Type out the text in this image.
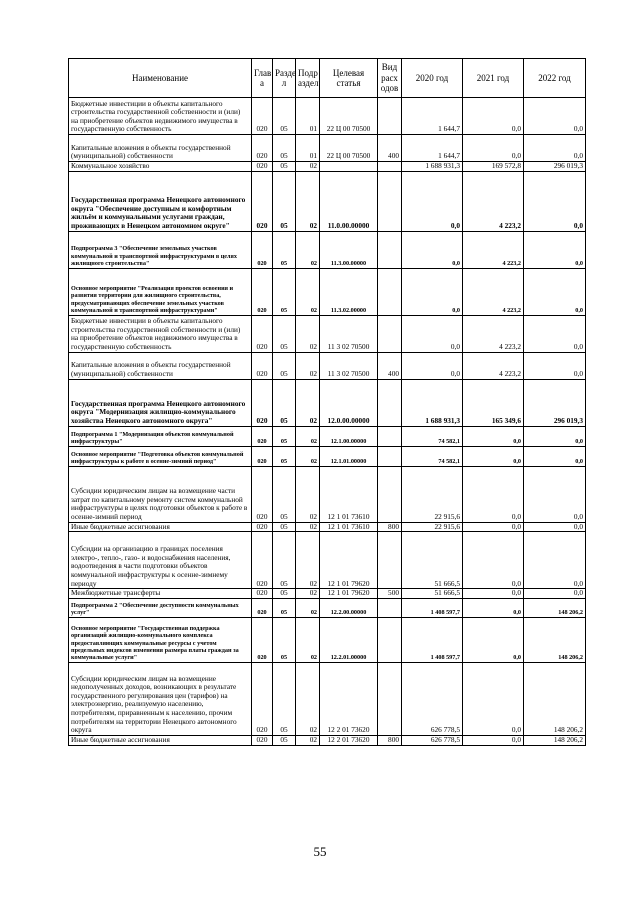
Наименование	Глав а	Разде л	Подр аздел	Целевая статья	Вид расх одов	2020 год	2021 год	2022 год
Бюджетные инвестиции в объекты капитального строительства государственной собственности и (или) на приобретение объектов недвижимого имущества в государственную собственность	020	05	01	22 Ц 00 70500		1 644,7	0,0	0,0
Капитальные вложения в объекты государственной (муниципальной) собственности	020	05	01	22 Ц 00 70500	400	1 644,7	0,0	0,0
Коммунальное хозяйство	020	05	02			1 688 931,3	169 572,8	296 019,3
Государственная программа Ненецкого автономного округа "Обеспечение доступным и комфортным жильём и коммунальными услугами граждан, проживающих в Ненецком автономном округе"	020	05	02	11.0.00.00000		0,0	4 223,2	0,0
Подпрограмма 3 "Обеспечение земельных участков коммунальной и транспортной инфраструктурами в целях жилищного строительства"	020	05	02	11.3.00.00000		0,0	4 223,2	0,0
Основное мероприятие "Реализация проектов освоения и развития территории для жилищного строительства, предусматривающих обеспечение земельных участков коммунальной и транспортной инфраструктурами"	020	05	02	11.3.02.00000		0,0	4 223,2	0,0
Бюджетные инвестиции в объекты капитального строительства государственной собственности и (или) на приобретение объектов недвижимого имущества в государственную собственность	020	05	02	11 3 02 70500		0,0	4 223,2	0,0
Капитальные вложения в объекты государственной (муниципальной) собственности	020	05	02	11 3 02 70500	400	0,0	4 223,2	0,0
Государственная программа Ненецкого автономного округа "Модернизация жилищно-коммунального хозяйства Ненецкого автономного округа"	020	05	02	12.0.00.00000		1 688 931,3	165 349,6	296 019,3
Подпрограмма 1 "Модернизация объектов коммунальной инфраструктуры"	020	05	02	12.1.00.00000		74 582,1	0,0	0,0
Основное мероприятие "Подготовка объектов коммунальной инфраструктуры к работе в осенне-зимний период"	020	05	02	12.1.01.00000		74 582,1	0,0	0,0
Субсидии юридическим лицам на возмещение части затрат по капитальному ремонту систем коммунальной инфраструктуры в целях подготовки объектов к работе в осенне-зимний период	020	05	02	12 1 01 73610		22 915,6	0,0	0,0
Иные бюджетные ассигнования	020	05	02	12 1 01 73610	800	22 915,6	0,0	0,0
Субсидии на организацию в границах поселения электро-, тепло-, газо- и водоснабжения населения, водоотведения в части подготовки объектов коммунальной инфраструктуры к осенне-зимнему периоду	020	05	02	12 1 01 79620		51 666,5	0,0	0,0
Межбюджетные трансферты	020	05	02	12 1 01 79620	500	51 666,5	0,0	0,0
Подпрограмма 2 "Обеспечение доступности коммунальных услуг"	020	05	02	12.2.00.00000		1 408 597,7	0,0	148 206,2
Основное мероприятие "Государственная поддержка организаций жилищно-коммунального комплекса предоставляющих коммунальные ресурсы с учетом предельных индексов изменения размера платы граждан за коммунальные услуги"	020	05	02	12.2.01.00000		1 408 597,7	0,0	148 206,2
Субсидии юридическим лицам на возмещение недополученных доходов, возникающих в результате государственного регулирования цен (тарифов) на электроэнергию, реализуемую населению, потребителям, приравненным к населению, прочим потребителям на территории Ненецкого автономного округа	020	05	02	12 2 01 73620		626 778,5	0,0	148 206,2
Иные бюджетные ассигнования	020	05	02	12 2 01 73620	800	626 778,5	0,0	148 206,2
55
